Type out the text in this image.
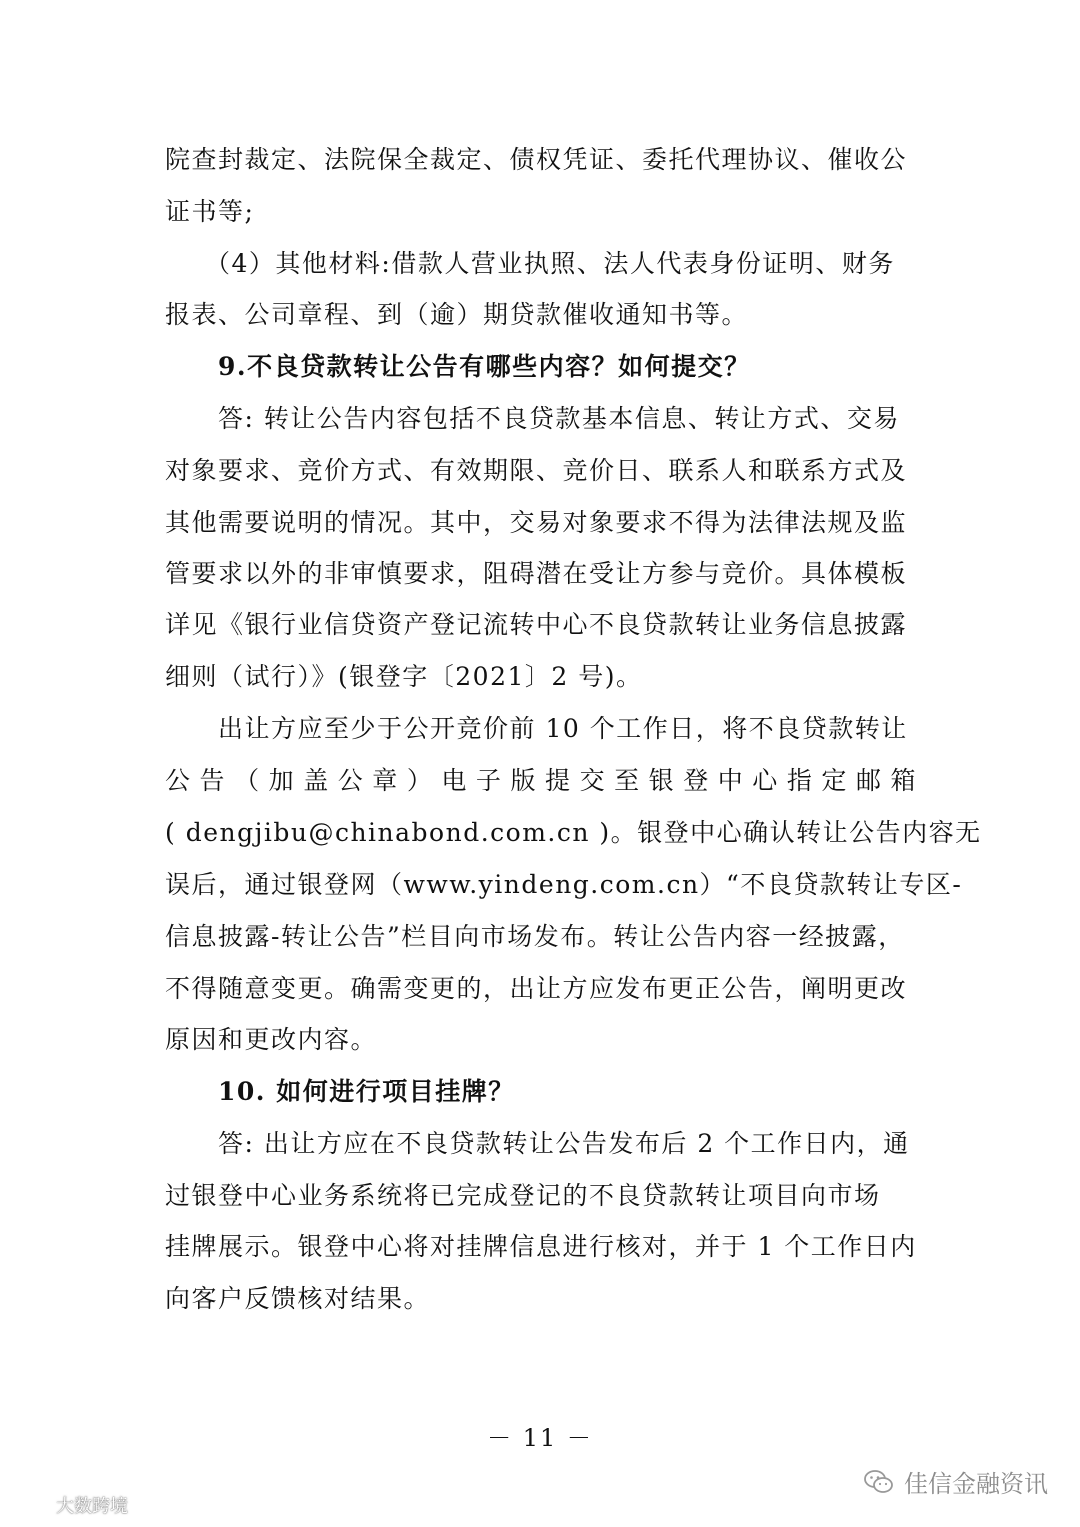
院查封裁定、法院保全裁定、债权凭证、委托代理协议、催收公
证书等;
（4）其他材料:借款人营业执照、法人代表身份证明、财务
报表、公司章程、到（逾）期贷款催收通知书等。
9.不良贷款转让公告有哪些内容？如何提交？
答: 转让公告内容包括不良贷款基本信息、转让方式、交易
对象要求、竞价方式、有效期限、竞价日、联系人和联系方式及
其他需要说明的情况。其中，交易对象要求不得为法律法规及监
管要求以外的非审慎要求，阻碍潜在受让方参与竞价。具体模板
详见《银行业信贷资产登记流转中心不良贷款转让业务信息披露
细则（试行）》(银登字〔2021〕2 号)。
出让方应至少于公开竞价前 10 个工作日，将不良贷款转让
公 告 （ 加 盖 公 章 ） 电 子 版 提 交 至 银 登 中 心 指 定 邮 箱
( dengjibu@chinabond.com.cn )。银登中心确认转让公告内容无
误后，通过银登网（www.yindeng.com.cn）“不良贷款转让专区-
信息披露-转让公告”栏目向市场发布。转让公告内容一经披露，
不得随意变更。确需变更的，出让方应发布更正公告，阐明更改
原因和更改内容。
10. 如何进行项目挂牌？
答: 出让方应在不良贷款转让公告发布后 2 个工作日内，通
过银登中心业务系统将已完成登记的不良贷款转让项目向市场
挂牌展示。银登中心将对挂牌信息进行核对，并于 1 个工作日内
向客户反馈核对结果。
－ 11 －
佳信金融资讯
大数跨境
